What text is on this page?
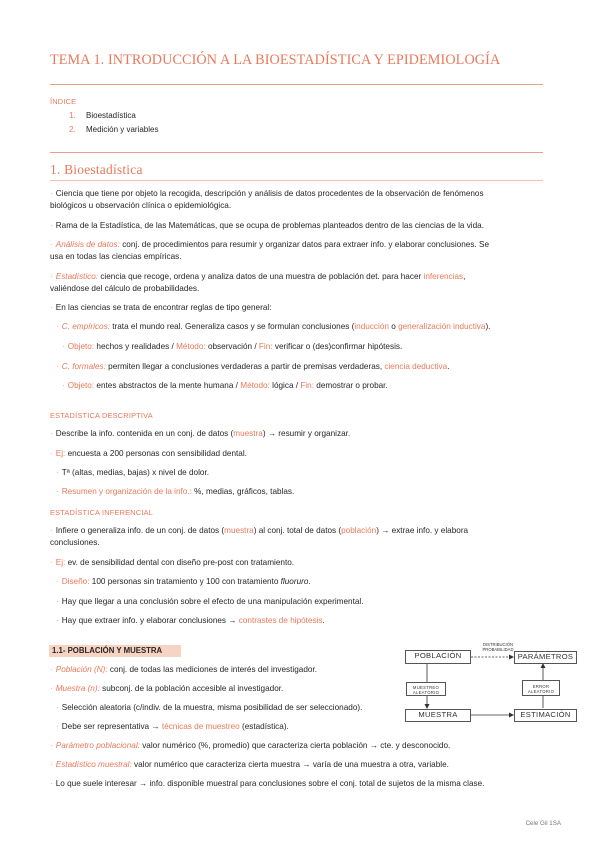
TEMA 1. INTRODUCCIÓN A LA BIOESTADÍSTICA Y EPIDEMIOLOGÍA
ÍNDICE
1. Bioestadística
2. Medición y variables
1. Bioestadística
· Ciencia que tiene por objeto la recogida, descripción y análisis de datos procedentes de la observación de fenómenos
biológicos u observación clínica o epidemiológica.
· Rama de la Estadística, de las Matemáticas, que se ocupa de problemas planteados dentro de las ciencias de la vida.
· Análisis de datos: conj. de procedimientos para resumir y organizar datos para extraer info. y elaborar conclusiones. Se
usa en todas las ciencias empíricas.
· Estadístico: ciencia que recoge, ordena y analiza datos de una muestra de población det. para hacer inferencias,
valiéndose del cálculo de probabilidades.
· En las ciencias se trata de encontrar reglas de tipo general:
· C. empíricos: trata el mundo real. Generaliza casos y se formulan conclusiones (inducción o generalización inductiva).
· Objeto: hechos y realidades / Método: observación / Fin: verificar o (des)confirmar hipótesis.
· C. formales: permiten llegar a conclusiones verdaderas a partir de premisas verdaderas, ciencia deductiva.
· Objeto: entes abstractos de la mente humana / Método: lógica / Fin: demostrar o probar.
ESTADÍSTICA DESCRIPTIVA
· Describe la info. contenida en un conj. de datos (muestra) → resumir y organizar.
· Ej: encuesta a 200 personas con sensibilidad dental.
· Tª (altas, medias, bajas) x nivel de dolor.
· Resumen y organización de la info.: %, medias, gráficos, tablas.
ESTADÍSTICA INFERENCIAL
· Infiere o generaliza info. de un conj. de datos (muestra) al conj. total de datos (población) → extrae info. y elabora
conclusiones.
· Ej: ev. de sensibilidad dental con diseño pre-post con tratamiento.
· Diseño: 100 personas sin tratamiento y 100 con tratamiento fluoruro.
· Hay que llegar a una conclusión sobre el efecto de una manipulación experimental.
· Hay que extraer info. y elaborar conclusiones → contrastes de hipótesis.
1.1- POBLACIÓN Y MUESTRA
· Población (N): conj. de todas las mediciones de interés del investigador.
· Muestra (n): subconj. de la población accesible al investigador.
· Selección aleatoria (c/indiv. de la muestra, misma posibilidad de ser seleccionado).
· Debe ser representativa → técnicas de muestreo (estadística).
· Parámetro poblacional: valor numérico (%, promedio) que caracteriza cierta población → cte. y desconocido.
· Estadístico muestral: valor numérico que caracteriza cierta muestra → varía de una muestra a otra, variable.
· Lo que suele interesar → info. disponible muestral para conclusiones sobre el conj. total de sujetos de la misma clase.
POBLACIÓN	PARÁMETROS
MUESTRA	ESTIMACIÓN
DISTRIBUCIÓN
PROBABILIDAD
MUESTREO
ALEATORIO
ERROR
ALEATORIO
Cele Gil 1SA
